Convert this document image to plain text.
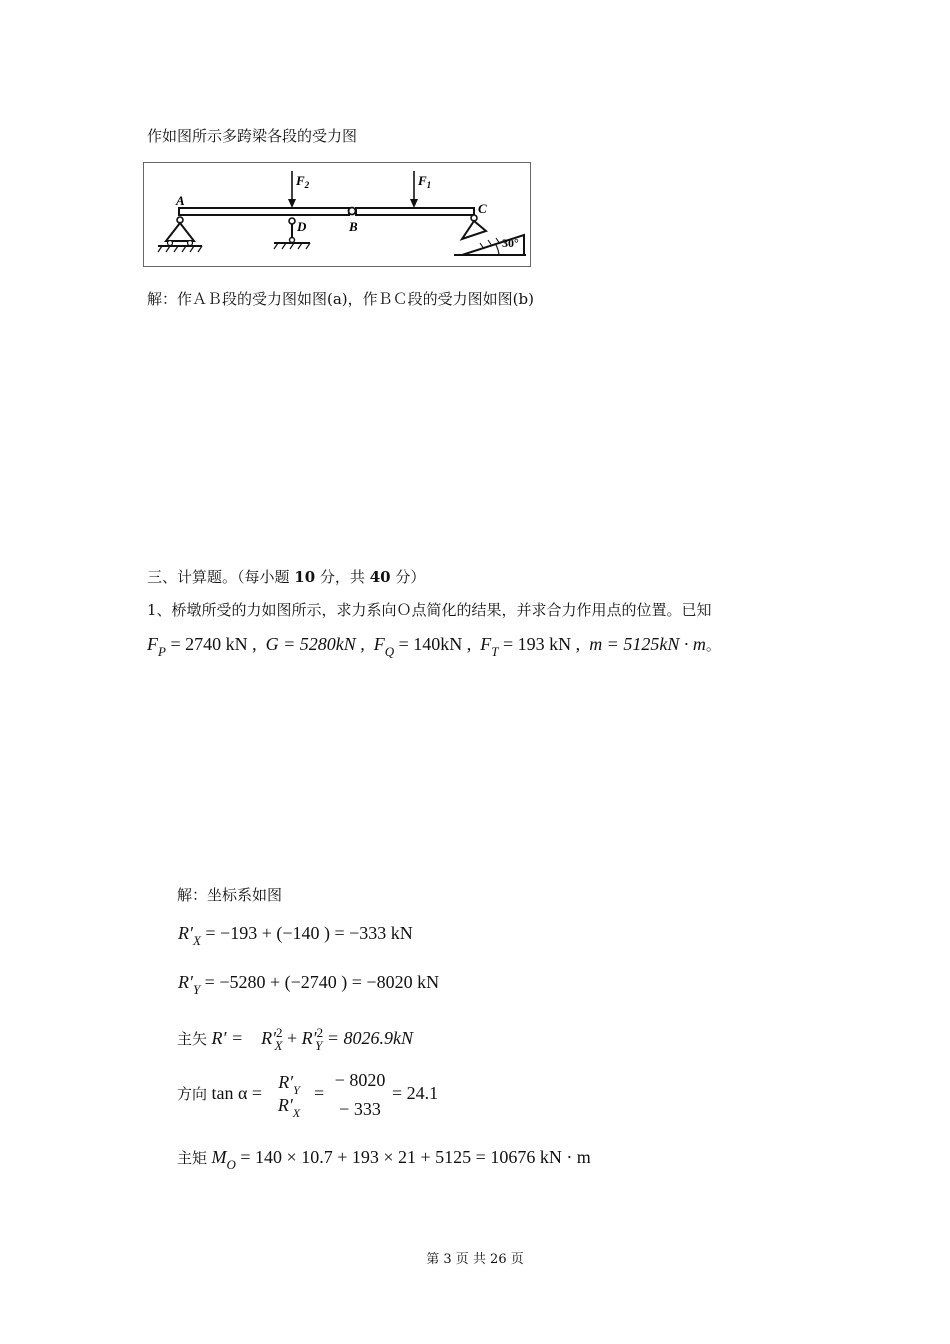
作如图所示多跨梁各段的受力图
$F_2$	$F_1$
A
D	B
C
30°
解：作ＡＢ段的受力图如图(a)，作ＢＣ段的受力图如图(b)
三、计算题。（每小题 10 分，共 40 分）
1、桥墩所受的力如图所示，求力系向Ｏ点简化的结果，并求合力作用点的位置。已知
$F_P = 2740$ kN , G = 5280kN , $F_Q = 140kN$ , $F_T = 193$ kN , m = 5125kN · m。
解：坐标系如图
$R'_X = -193 + (-140$ ) = −333 kN
$R'_Y = -5280 + (-2740$ ) = −8020 kN
主矢 $R' = R'^2_X + R'^2_Y = 8026.9kN$
方向 tan α =
$R'_Y$
$R'_X$
=
− 8020
− 333
= 24.1
主矩 $M_O = 140 \times 10.7 + 193 \times 21 + 5125 = 10676$ kN · m
第 3 页 共 26 页
